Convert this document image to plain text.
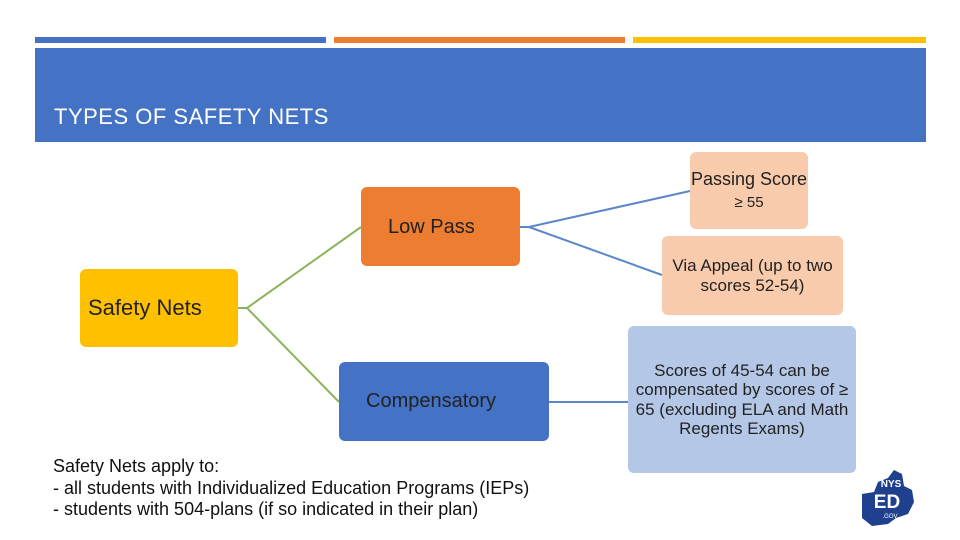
TYPES OF SAFETY NETS
Safety Nets
Low Pass
Compensatory
Passing Score
≥ 55
Via Appeal (up to two scores 52-54)
Scores of 45-54 can be compensated by scores of ≥ 65 (excluding ELA and Math Regents Exams)
Safety Nets apply to:
- all students with Individualized Education Programs (IEPs)
- students with 504-plans (if so indicated in their plan)
NYS
ED
.GOV
